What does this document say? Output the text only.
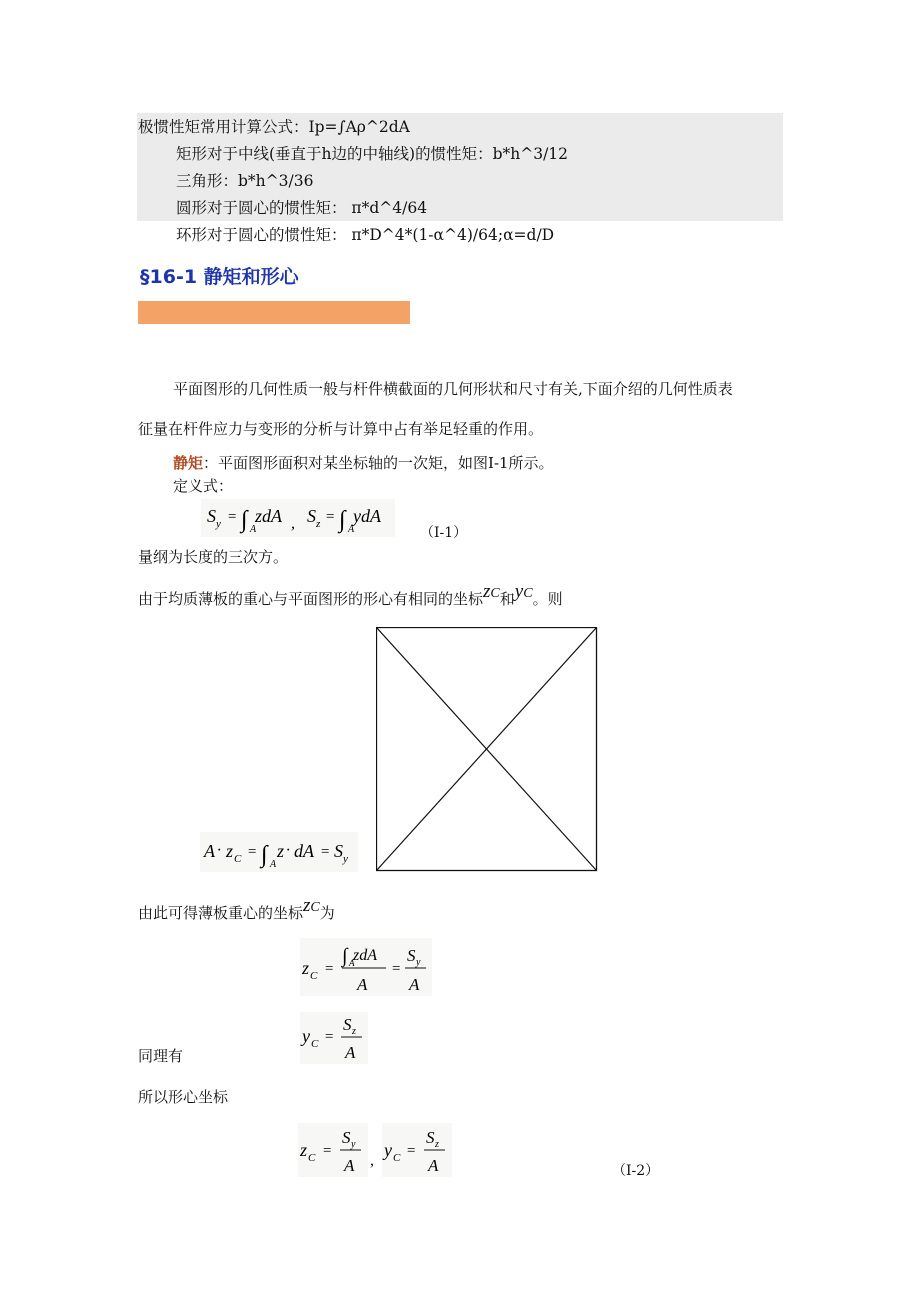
极惯性矩常用计算公式：Ip=∫Aρ^2dA
矩形对于中线(垂直于h边的中轴线)的惯性矩：b*h^3/12
三角形：b*h^3/36
圆形对于圆心的惯性矩： π*d^4/64
环形对于圆心的惯性矩： π*D^4*(1-α^4)/64;α=d/D
§16-1 静矩和形心
平面图形的几何性质一般与杆件横截面的几何形状和尺寸有关,下面介绍的几何性质表
征量在杆件应力与变形的分析与计算中占有举足轻重的作用。
静矩：平面图形面积对某坐标轴的一次矩，如图Ⅰ-1所示。
定义式：
S y = ∫ A
zdA , S z = ∫ A
ydA
（Ⅰ-1）
量纲为长度的三次方。
由于均质薄板的重心与平面图形的形心有相同的坐标zC和yC。则
A · z C = ∫ A
z · dA = S y
由此可得薄板重心的坐标zC为
z C =
∫ A
zdA
A
=
S y
A
y C =
S z
A
同理有
所以形心坐标
z C =
S y
A ,
y C =
S z
A	（Ⅰ-2）
